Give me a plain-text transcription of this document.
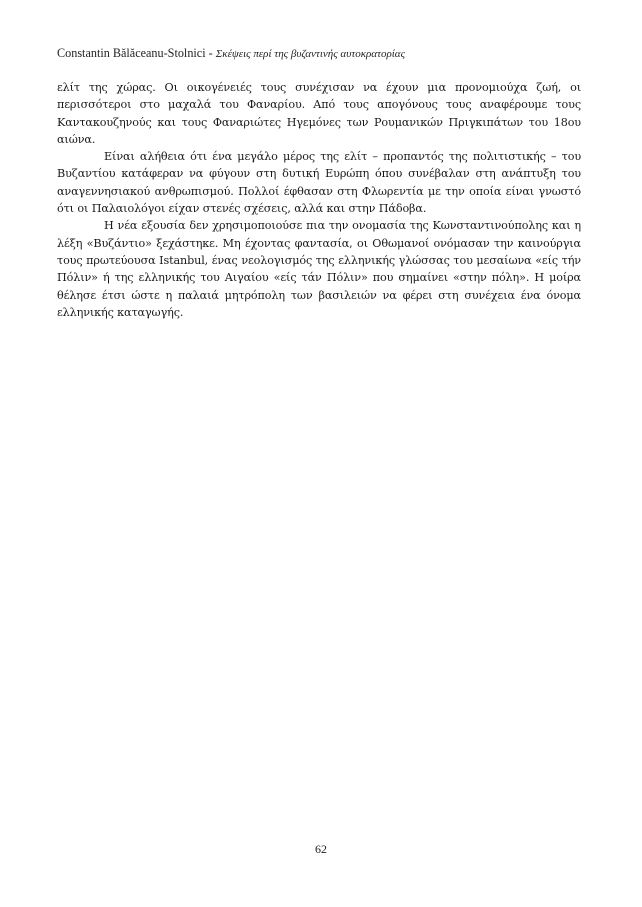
Constantin Bălăceanu-Stolnici - Σκέψεις περί της βυζαντινής αυτοκρατορίας

ελίτ της χώρας. Οι οικογένειές τους συνέχισαν να έχουν μια προνομιούχα ζωή, οι περισσότεροι στο μαχαλά του Φαναρίου. Από τους απογόνους τους αναφέρουμε τους Καντακουζηνούς και τους Φαναριώτες Ηγεμόνες των Ρουμανικών Πριγκιπάτων του 18ου αιώνα.

Είναι αλήθεια ότι ένα μεγάλο μέρος της ελίτ – προπαντός της πολιτιστικής – του Βυζαντίου κατάφεραν να φύγουν στη δυτική Ευρώπη όπου συνέβαλαν στη ανάπτυξη του αναγεννησιακού ανθρωπισμού. Πολλοί έφθασαν στη Φλωρεντία με την οποία είναι γνωστό ότι οι Παλαιολόγοι είχαν στενές σχέσεις, αλλά και στην Πάδοβα.

Η νέα εξουσία δεν χρησιμοποιούσε πια την ονομασία της Κωνσταντινούπολης και η λέξη «Βυζάντιο» ξεχάστηκε. Μη έχοντας φαντασία, οι Οθωμανοί ονόμασαν την καινούργια τους πρωτεύουσα Istanbul, ένας νεολογισμός της ελληνικής γλώσσας του μεσαίωνα «είς τήν Πόλιν» ή της ελληνικής του Αιγαίου «είς τάν Πόλιν» που σημαίνει «στην πόλη». Η μοίρα θέλησε έτσι ώστε η παλαιά μητρόπολη των βασιλειών να φέρει στη συνέχεια ένα όνομα ελληνικής καταγωγής.

62
